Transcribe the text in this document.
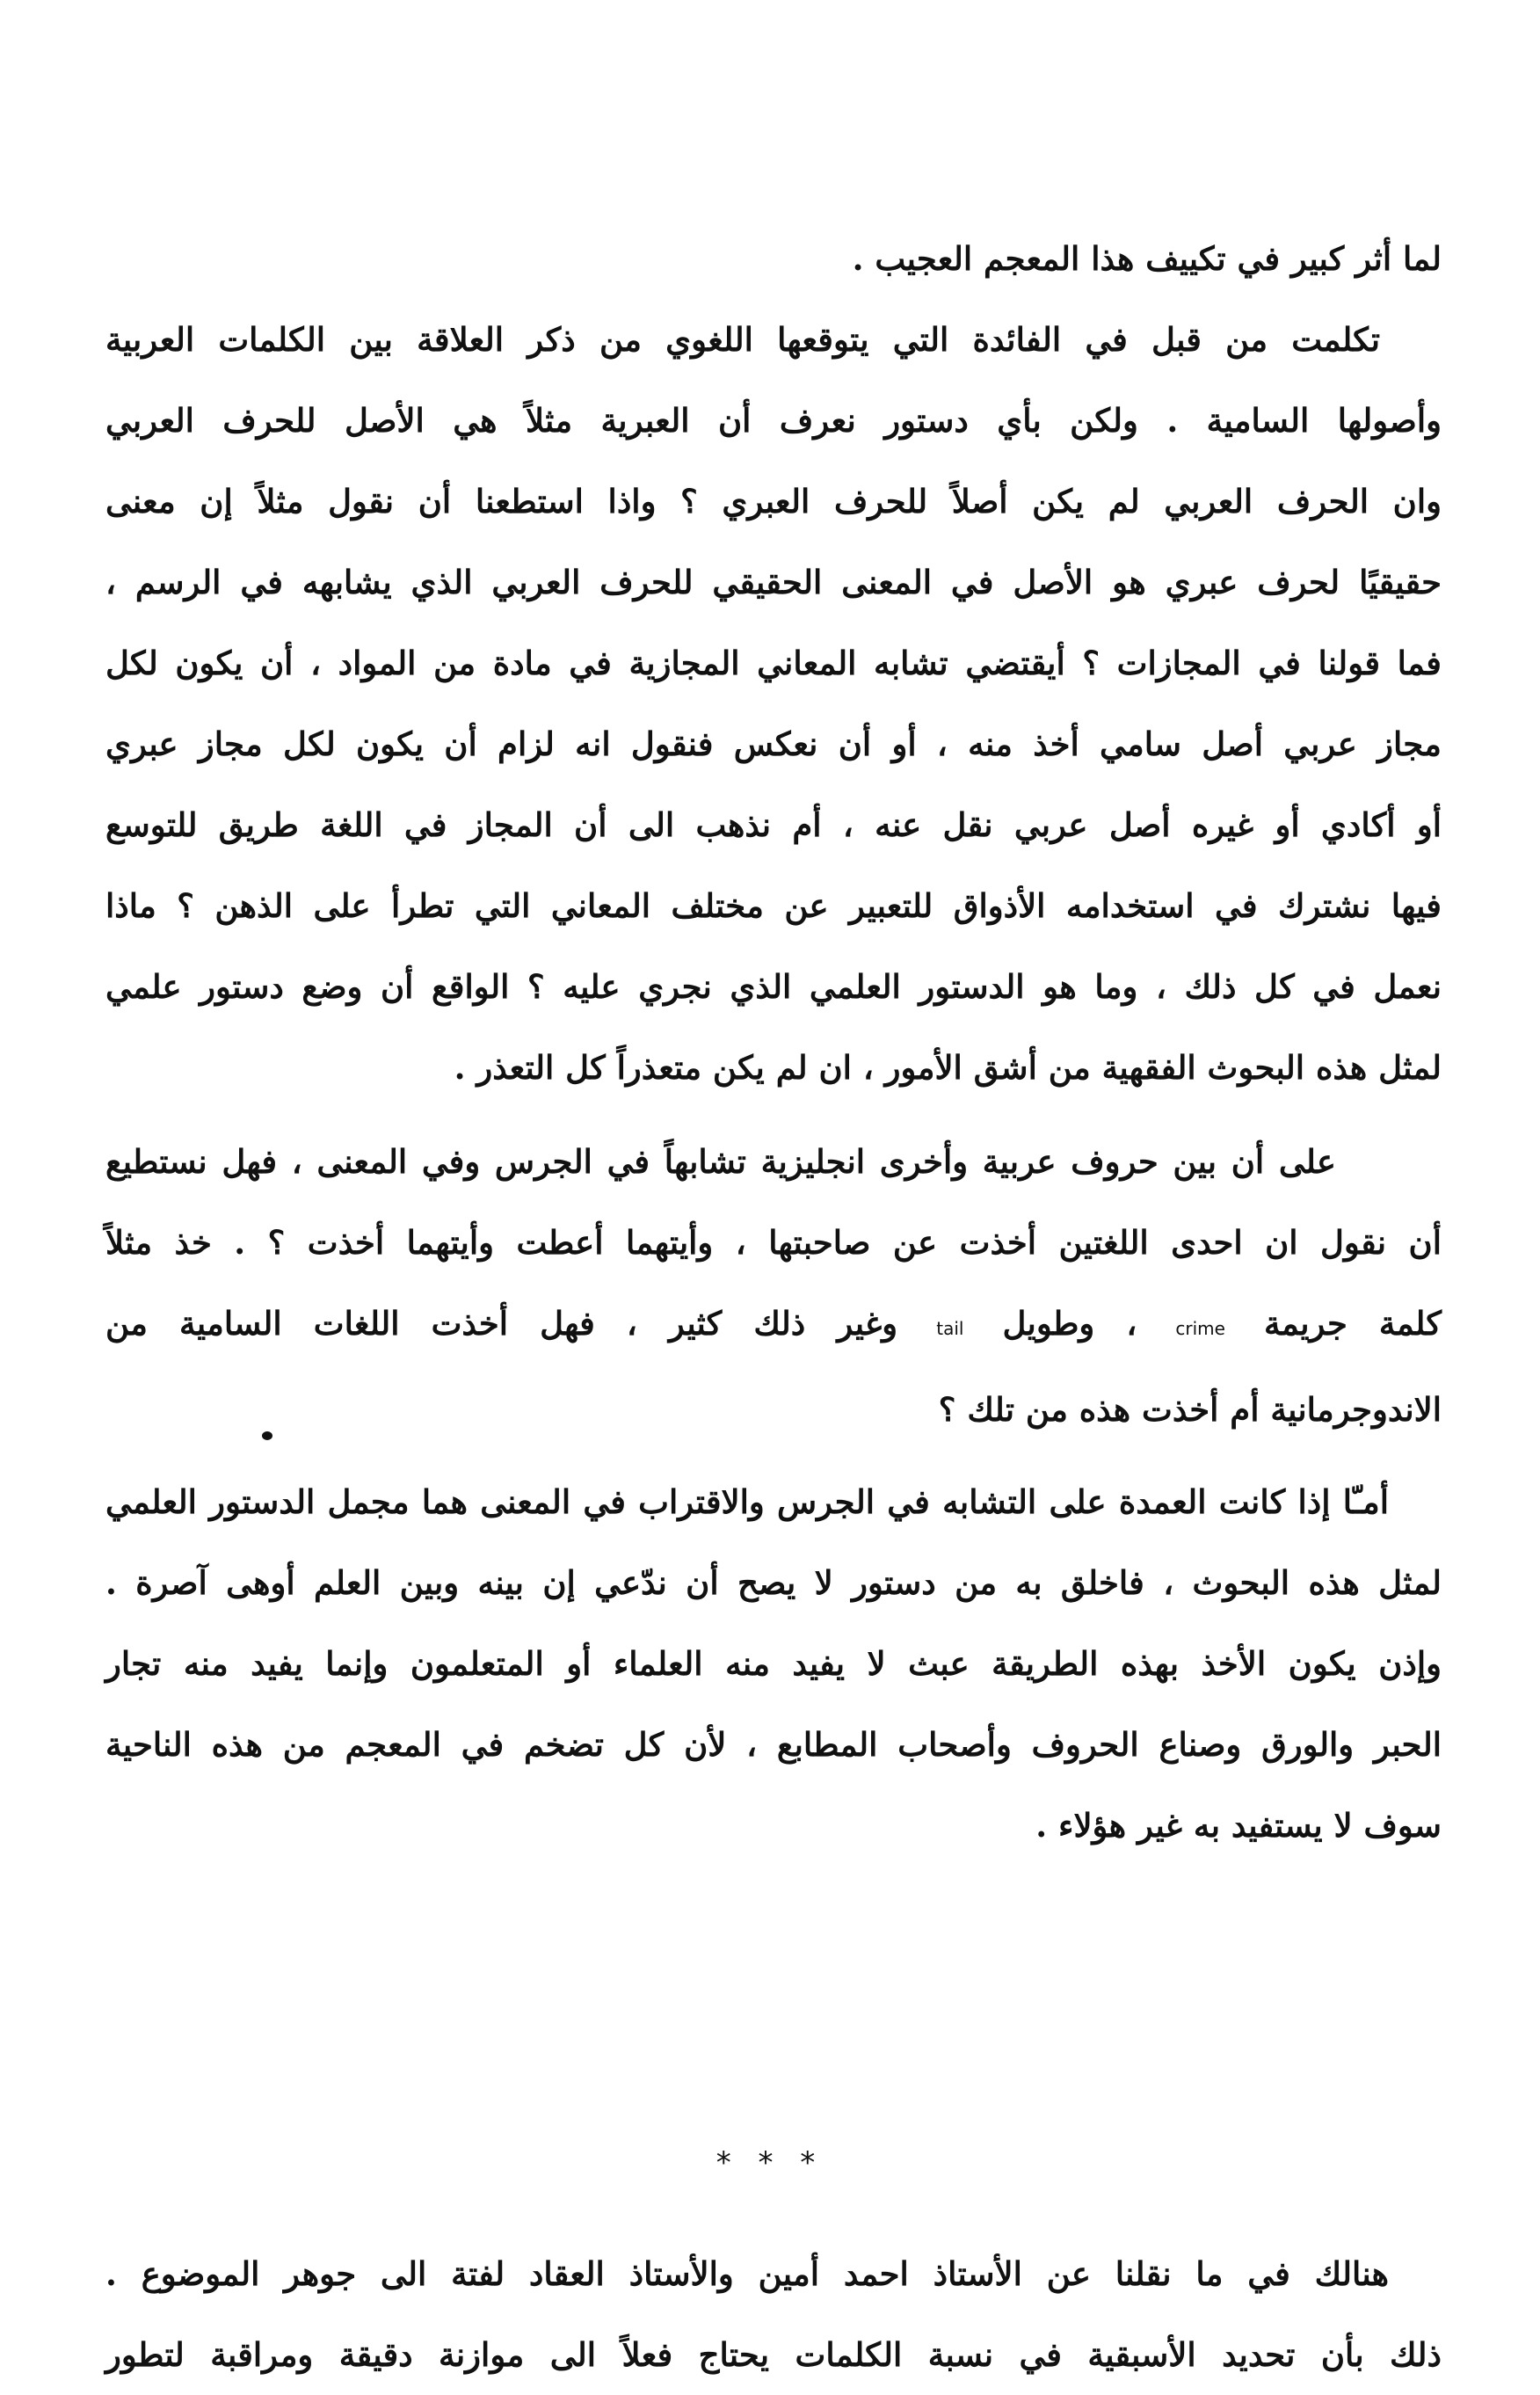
لما أثر كبير في تكييف هذا المعجم العجيب .
تكلمت من قبل في الفائدة التي يتوقعها اللغوي من ذكر العلاقة بين الكلمات العربية
وأصولها السامية . ولكن بأي دستور نعرف أن العبرية مثلاً هي الأصل للحرف العربي
وان الحرف العربي لم يكن أصلاً للحرف العبري ؟ واذا استطعنا أن نقول مثلاً إن معنى
حقيقيًا لحرف عبري هو الأصل في المعنى الحقيقي للحرف العربي الذي يشابهه في الرسم ،
فما قولنا في المجازات ؟ أيقتضي تشابه المعاني المجازية في مادة من المواد ، أن يكون لكل
مجاز عربي أصل سامي أخذ منه ، أو أن نعكس فنقول انه لزام أن يكون لكل مجاز عبري
أو أكادي أو غيره أصل عربي نقل عنه ، أم نذهب الى أن المجاز في اللغة طريق للتوسع
فيها نشترك في استخدامه الأذواق للتعبير عن مختلف المعاني التي تطرأ على الذهن ؟ ماذا
نعمل في كل ذلك ، وما هو الدستور العلمي الذي نجري عليه ؟ الواقع أن وضع دستور علمي
لمثل هذه البحوث الفقهية من أشق الأمور ، ان لم يكن متعذراً كل التعذر .
على أن بين حروف عربية وأخرى انجليزية تشابهاً في الجرس وفي المعنى ، فهل نستطيع
أن نقول ان احدى اللغتين أخذت عن صاحبتها ، وأيتهما أعطت وأيتهما أخذت ؟ . خذ مثلاً
كلمة جريمة crime ، وطويل tail وغير ذلك كثير ، فهل أخذت اللغات السامية من
الاندوجرمانية أم أخذت هذه من تلك ؟
أمـّا إذا كانت العمدة على التشابه في الجرس والاقتراب في المعنى هما مجمل الدستور العلمي
لمثل هذه البحوث ، فاخلق به من دستور لا يصح أن ندّعي إن بينه وبين العلم أوهى آصرة .
وإذن يكون الأخذ بهذه الطريقة عبث لا يفيد منه العلماء أو المتعلمون وإنما يفيد منه تجار
الحبر والورق وصناع الحروف وأصحاب المطابع ، لأن كل تضخم في المعجم من هذه الناحية
سوف لا يستفيد به غير هؤلاء .
* * *
هنالك في ما نقلنا عن الأستاذ احمد أمين والأستاذ العقاد لفتة الى جوهر الموضوع .
ذلك بأن تحديد الأسبقية في نسبة الكلمات يحتاج فعلاً الى موازنة دقيقة ومراقبة لتطور
